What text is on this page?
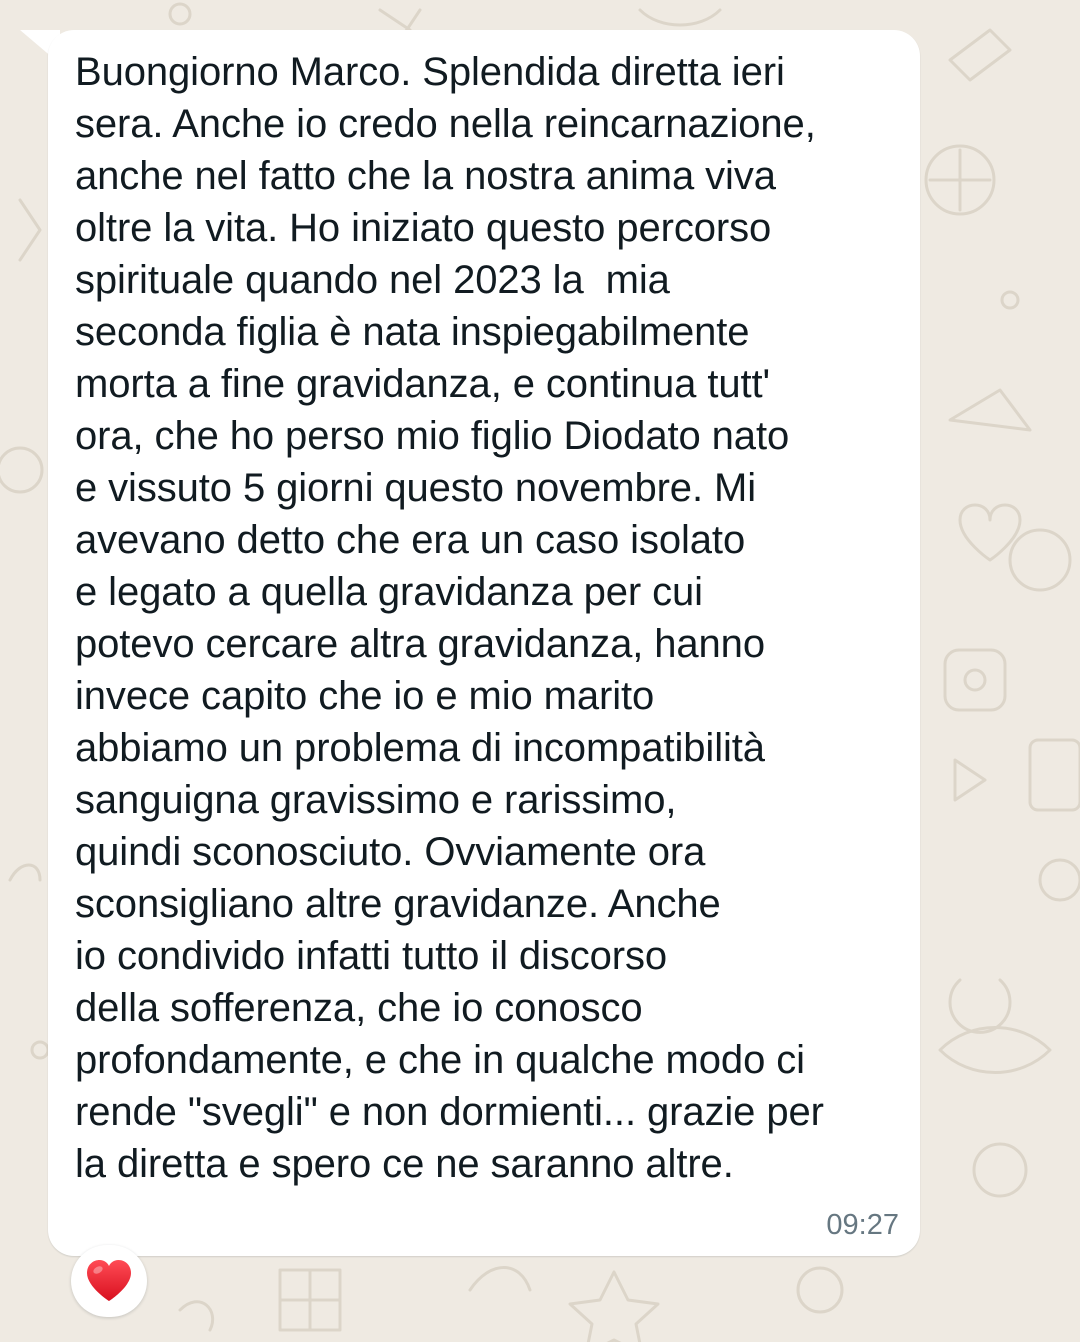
Buongiorno Marco. Splendida diretta ieri
sera. Anche io credo nella reincarnazione,
anche nel fatto che la nostra anima viva
oltre la vita. Ho iniziato questo percorso
spirituale quando nel 2023 la  mia
seconda figlia è nata inspiegabilmente
morta a fine gravidanza, e continua tutt'
ora, che ho perso mio figlio Diodato nato
e vissuto 5 giorni questo novembre. Mi
avevano detto che era un caso isolato
e legato a quella gravidanza per cui
potevo cercare altra gravidanza, hanno
invece capito che io e mio marito
abbiamo un problema di incompatibilità
sanguigna gravissimo e rarissimo,
quindi sconosciuto. Ovviamente ora
sconsigliano altre gravidanze. Anche
io condivido infatti tutto il discorso
della sofferenza, che io conosco
profondamente, e che in qualche modo ci
rende "svegli" e non dormienti... grazie per
la diretta e spero ce ne saranno altre.
09:27
